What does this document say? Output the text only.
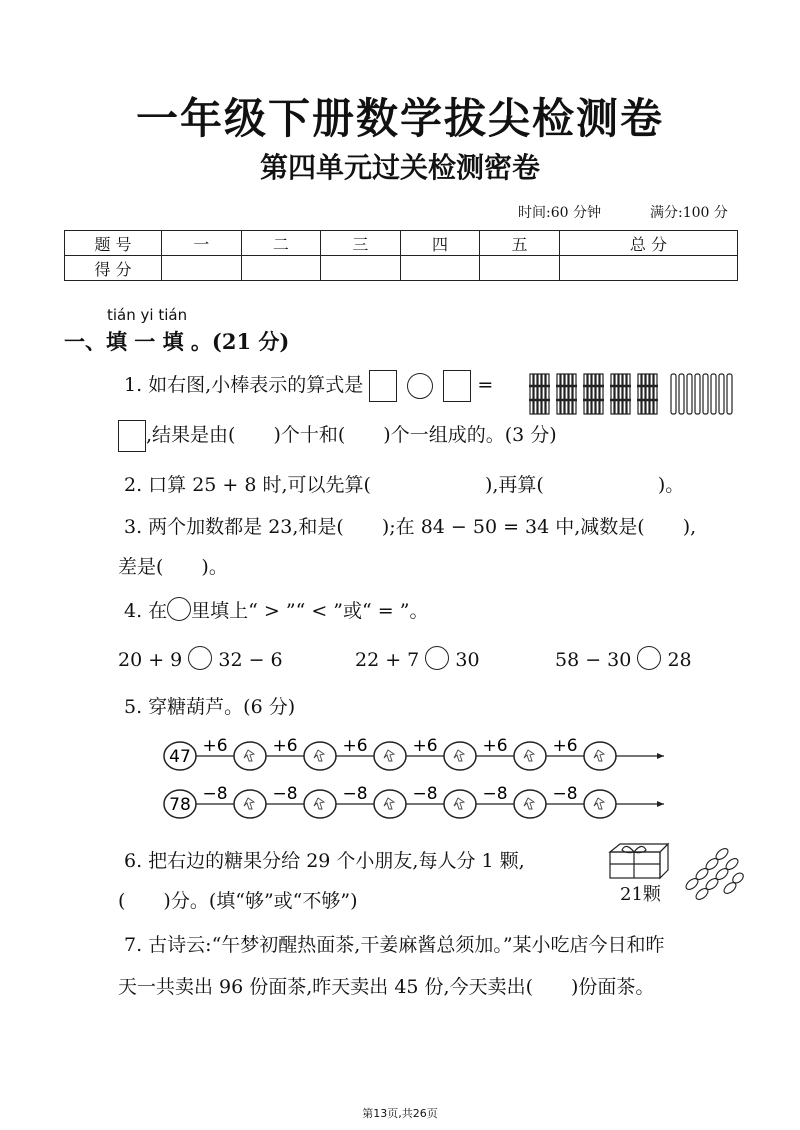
一年级下册数学拔尖检测卷
第四单元过关检测密卷
时间:60 分钟	满分:100 分
题 号	一	二	三	四	五	总 分
得 分						
tián yi tián
一、填 一 填 。(21 分)
1. 如右图,小棒表示的算式是	=
,结果是由(　　)个十和(　　)个一组成的。(3 分)
2. 口算 25 + 8 时,可以先算(　　　　　　),再算(　　　　　　)。
3. 两个加数都是 23,和是(　　);在 84 − 50 = 34 中,减数是(　　),
差是(　　)。
4. 在 里填上“ > ”“ < ”或“ = ”。
20 + 9 32 − 6	22 + 7 30	58 − 30 28
5. 穿糖葫芦。(6 分)
47
+6	+6	+6	+6	+6	+6
78
−8	−8	−8	−8	−8	−8
6. 把右边的糖果分给 29 个小朋友,每人分 1 颗,
(　　)分。(填“够”或“不够”)	21颗
7. 古诗云:“午梦初醒热面茶,干姜麻酱总须加。”某小吃店今日和昨
天一共卖出 96 份面茶,昨天卖出 45 份,今天卖出(　　)份面茶。
第13页,共26页
